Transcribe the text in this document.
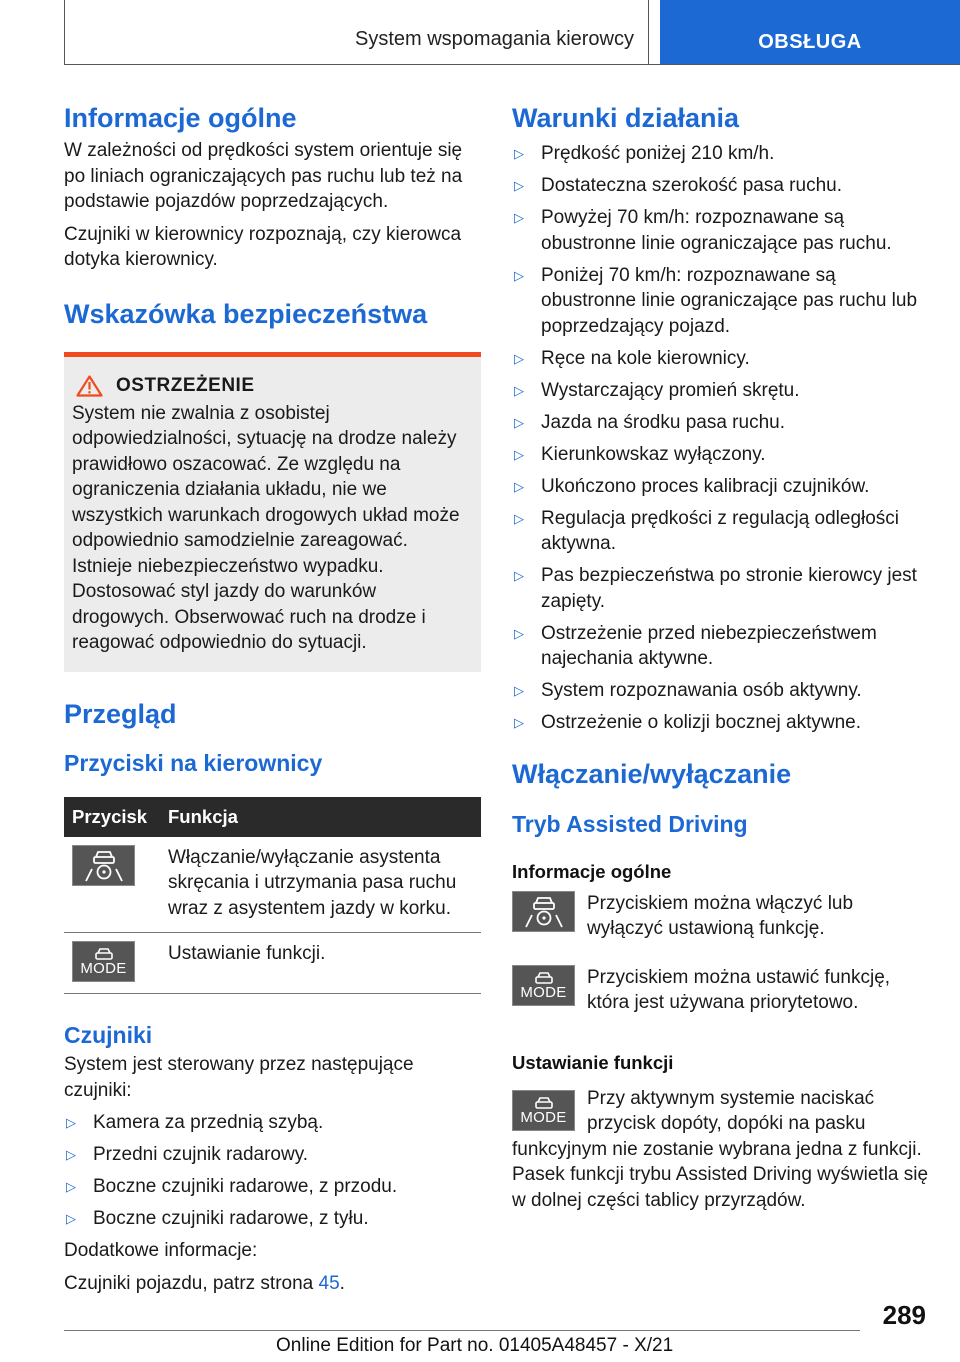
System wspomagania kierowcy	OBSŁUGA
Informacje ogólne

W zależności od prędkości system orientuje się po liniach ograniczających pas ruchu lub też na podstawie pojazdów poprzedzających.

Czujniki w kierownicy rozpoznają, czy kierowca dotyka kierownicy.

Wskazówka bezpieczeństwa
OSTRZEŻENIE

System nie zwalnia z osobistej odpowiedzialności, sytuację na drodze należy prawidłowo oszacować. Ze względu na ograniczenia działania układu, nie we wszystkich warunkach drogowych układ może odpowiednio samodzielnie zareagować. Istnieje niebezpieczeństwo wypadku. Dostosować styl jazdy do warunków drogowych. Obserwować ruch na drodze i reagować odpowiednio do sytuacji.

Przegląd
Przyciski na kierownicy
Przycisk	Funkcja

	Włączanie/wyłączanie asystenta skręcania i utrzymania pasa ruchu wraz z asystentem jazdy w korku.

MODE	Ustawianie funkcji.
Czujniki

System jest sterowany przez następujące czujniki:

▷ Kamera za przednią szybą.
▷ Przedni czujnik radarowy.
▷ Boczne czujniki radarowe, z przodu.
▷ Boczne czujniki radarowe, z tyłu.

Dodatkowe informacje:

Czujniki pojazdu, patrz strona 45.

Warunki działania
▷ Prędkość poniżej 210 km/h.
▷ Dostateczna szerokość pasa ruchu.
▷ Powyżej 70 km/h: rozpoznawane są obustronne linie ograniczające pas ruchu.
▷ Poniżej 70 km/h: rozpoznawane są obustronne linie ograniczające pas ruchu lub poprzedzający pojazd.
▷ Ręce na kole kierownicy.
▷ Wystarczający promień skrętu.
▷ Jazda na środku pasa ruchu.
▷ Kierunkowskaz wyłączony.
▷ Ukończono proces kalibracji czujników.
▷ Regulacja prędkości z regulacją odległości aktywna.
▷ Pas bezpieczeństwa po stronie kierowcy jest zapięty.
▷ Ostrzeżenie przed niebezpieczeństwem najechania aktywne.
▷ System rozpoznawania osób aktywny.
▷ Ostrzeżenie o kolizji bocznej aktywne.
Włączanie/wyłączanie
Tryb Assisted Driving
Informacje ogólne

Przyciskiem można włączyć lub wyłączyć ustawioną funkcję.

MODE

Przyciskiem można ustawić funkcję, która jest używana priorytetowo.

Ustawianie funkcji
MODE

Przy aktywnym systemie naciskać przycisk dopóty, dopóki na pasku funkcyjnym nie zostanie wybrana jedna z funkcji. Pasek funkcji trybu Assisted Driving wyświetla się w dolnej części tablicy przyrządów.

289
Online Edition for Part no. 01405A48457 - X/21
